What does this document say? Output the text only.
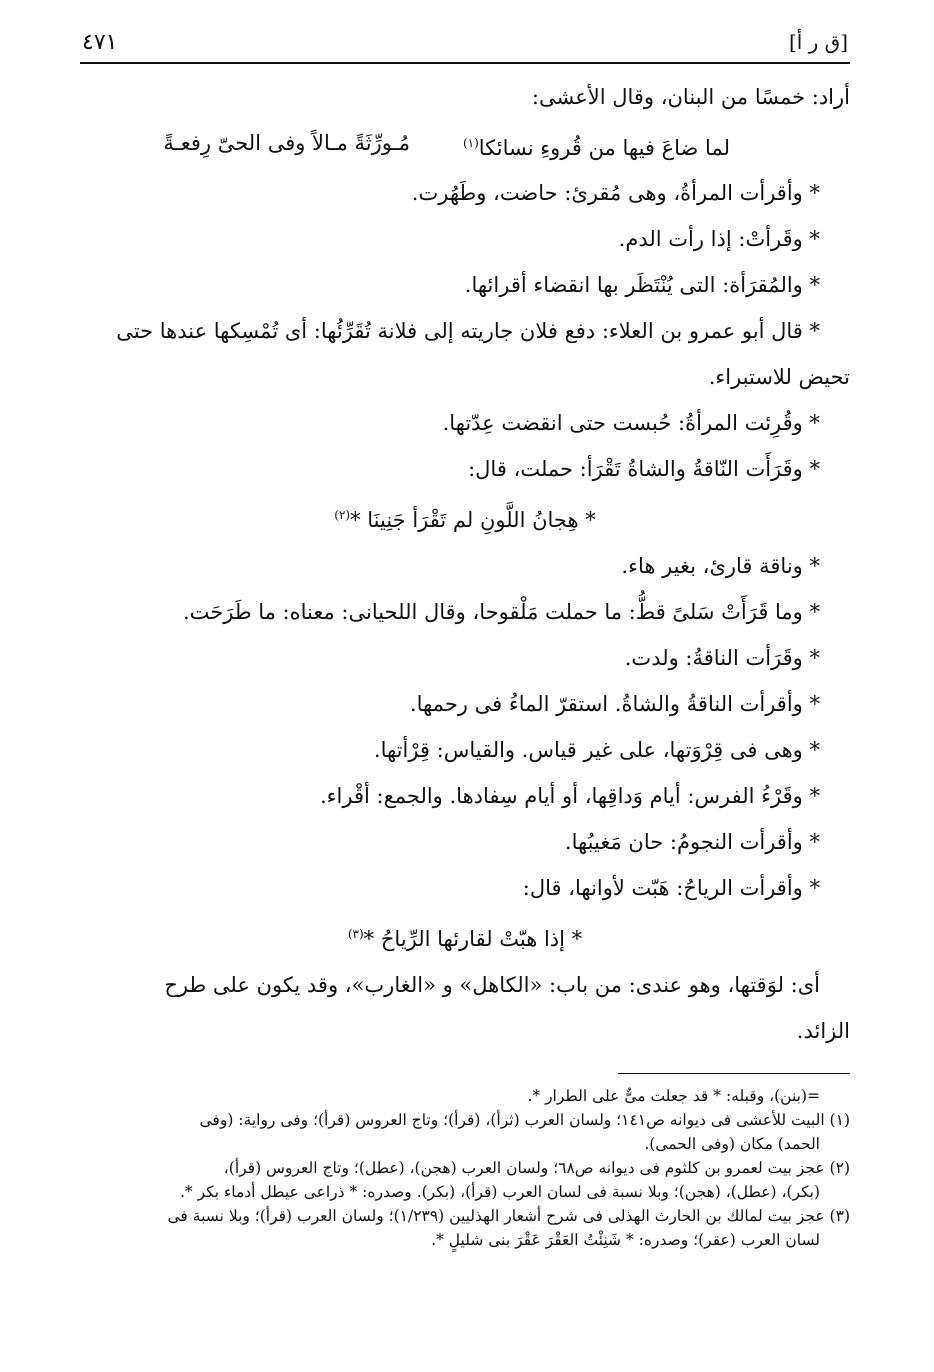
٤٧١	[ق ر أ]

أراد: خمسًا من البنان، وقال الأعشى:

لما ضاعَ فيها من قُروءِ نسائكا$^{(١)}$
مُـورِّثَةً مـالاً وفى الحىّ رِفعـةً

* وأقرأت المرأةُ، وهى مُقرئ: حاضت، وطَهُرت.

* وقَرأتْ: إذا رأت الدم.

* والمُقرَأة: التى يُنْتَظَر بها انقضاء أقرائها.

* قال أبو عمرو بن العلاء: دفع فلان جاريته إلى فلانة تُقَرِّئُها: أى تُمْسِكها عندها حتى

تحيض للاستبراء.

* وقُرِئت المرأةُ: حُبست حتى انقضت عِدّتها.

* وقَرَأَت النّاقةُ والشاةُ تَقْرَأ: حملت، قال:

* هِجانُ اللَّونِ لم تَقْرَأ جَنِينَا *$^{(٢)}$

* وناقة قارئ، بغير هاء.

* وما قَرَأَتْ سَلىً قطُّ: ما حملت مَلْقوحا، وقال اللحيانى: معناه: ما طَرَحَت.

* وقَرَأت الناقةُ: ولدت.

* وأقرأت الناقةُ والشاةُ. استقرّ الماءُ فى رحمها.

* وهى فى قِرْوَتها، على غير قياس. والقياس: قِرْأتها.

* وقَرْءُ الفرس: أيام وَداقِها، أو أيام سِفادها. والجمع: أقْراء.

* وأقرأت النجومُ: حان مَغيبُها.

* وأقرأت الرياحُ: هَبّت لأوانها، قال:

* إذا هبّتْ لقارئها الرِّياحُ *$^{(٣)}$

أى: لوَقتها، وهو عندى: من باب: «الكاهل» و «الغارب»، وقد يكون على طرح

الزائد.

=(بنن)، وقبله: * قد جعلت مىٌّ على الطرار *.

(١) البيت للأعشى فى ديوانه ص١٤١؛ ولسان العرب (ثرأ)، (قرأ)؛ وتاج العروس (قرأ)؛ وفى رواية: (وفى

الحمد) مكان (وفى الحمى).

(٢) عجز بيت لعمرو بن كلثوم فى ديوانه ص٦٨؛ ولسان العرب (هجن)، (عطل)؛ وتاج العروس (قرأ)،

(بكر)، (عطل)، (هجن)؛ وبلا نسبة فى لسان العرب (قرأ)، (بكر). وصدره: * ذراعى عيطل أدماء بكر *.

(٣) عجز بيت لمالك بن الحارث الهذلى فى شرح أشعار الهذليين (١/٢٣٩)؛ ولسان العرب (قرأ)؛ وبلا نسبة فى

لسان العرب (عقر)؛ وصدره: * شَنِئْتُ العَقْرَ عَقْرَ بنى شليلٍ *.
